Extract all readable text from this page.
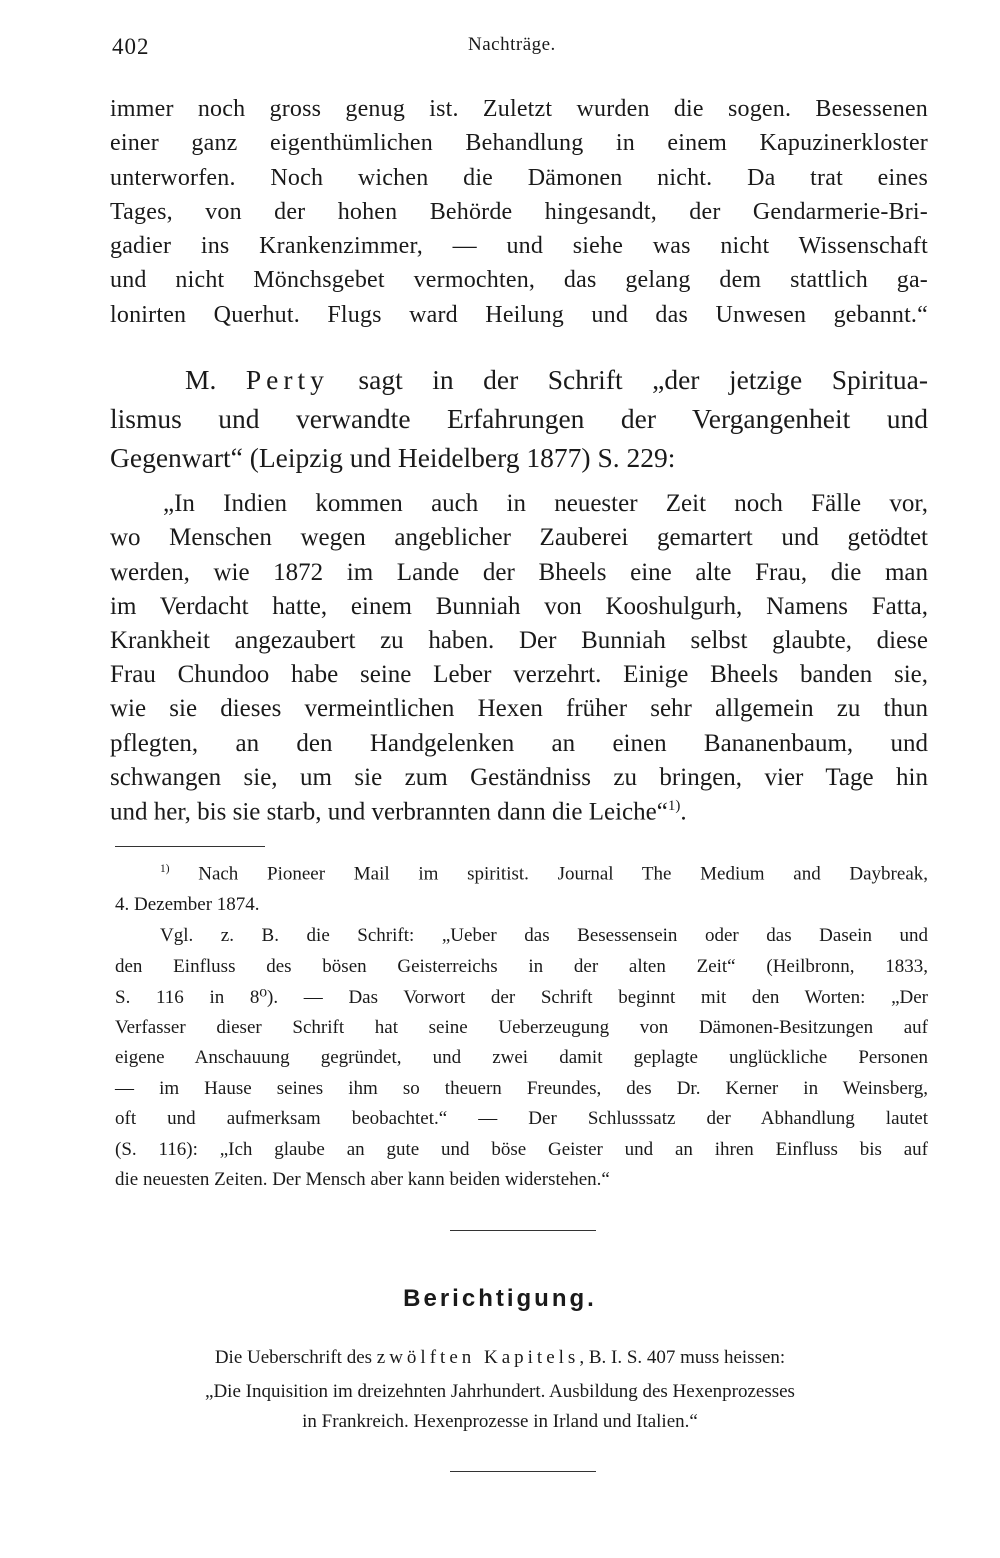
402	Nachträge.
immer noch gross genug ist. Zuletzt wurden die sogen. Besessenen
einer ganz eigenthümlichen Behandlung in einem Kapuzinerkloster
unterworfen. Noch wichen die Dämonen nicht. Da trat eines
Tages, von der hohen Behörde hingesandt, der Gendarmerie-Bri-
gadier ins Krankenzimmer, — und siehe was nicht Wissenschaft
und nicht Mönchsgebet vermochten, das gelang dem stattlich ga-
lonirten Querhut. Flugs ward Heilung und das Unwesen gebannt.“
M. Perty sagt in der Schrift „der jetzige Spiritua-
lismus und verwandte Erfahrungen der Vergangenheit und
Gegenwart“ (Leipzig und Heidelberg 1877) S. 229:
„In Indien kommen auch in neuester Zeit noch Fälle vor,
wo Menschen wegen angeblicher Zauberei gemartert und getödtet
werden, wie 1872 im Lande der Bheels eine alte Frau, die man
im Verdacht hatte, einem Bunniah von Kooshulgurh, Namens Fatta,
Krankheit angezaubert zu haben. Der Bunniah selbst glaubte, diese
Frau Chundoo habe seine Leber verzehrt. Einige Bheels banden sie,
wie sie dieses vermeintlichen Hexen früher sehr allgemein zu thun
pflegten, an den Handgelenken an einen Bananenbaum, und
schwangen sie, um sie zum Geständniss zu bringen, vier Tage hin
und her, bis sie starb, und verbrannten dann die Leiche“$^{1)}$.
$^{1)}$ Nach Pioneer Mail im spiritist. Journal The Medium and Daybreak,
4. Dezember 1874.
Vgl. z. B. die Schrift: „Ueber das Besessensein oder das Dasein und
den Einfluss des bösen Geisterreichs in der alten Zeit“ (Heilbronn, 1833,
S. 116 in 8⁰). — Das Vorwort der Schrift beginnt mit den Worten: „Der
Verfasser dieser Schrift hat seine Ueberzeugung von Dämonen-Besitzungen auf
eigene Anschauung gegründet, und zwei damit geplagte unglückliche Personen
— im Hause seines ihm so theuern Freundes, des Dr. Kerner in Weinsberg,
oft und aufmerksam beobachtet.“ — Der Schlusssatz der Abhandlung lautet
(S. 116): „Ich glaube an gute und böse Geister und an ihren Einfluss bis auf
die neuesten Zeiten. Der Mensch aber kann beiden widerstehen.“
Berichtigung.
Die Ueberschrift des zwölften Kapitels, B. I. S. 407 muss heissen:
„Die Inquisition im dreizehnten Jahrhundert. Ausbildung des Hexenprozesses
in Frankreich. Hexenprozesse in Irland und Italien.“
